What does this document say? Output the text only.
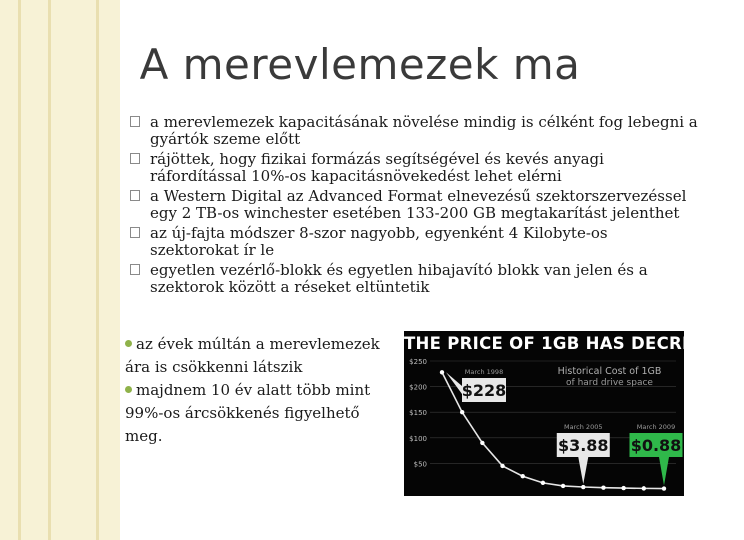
A merevlemezek ma
a merevlemezek kapacitásának növelése mindig is célként fog lebegni a gyártók szeme előtt
rájöttek, hogy fizikai formázás segítségével és kevés anyagi ráfordítással 10%-os kapacitásnövekedést lehet elérni
a Western Digital az Advanced Format elnevezésű szektorszervezéssel egy 2 TB-os winchester esetében 133-200 GB megtakarítást jelenthet
az új-fajta módszer 8-szor nagyobb, egyenként 4 Kilobyte-os szektorokat ír le
egyetlen vezérlő-blokk és egyetlen hibajavító blokk van jelen és a szektorok között a réseket eltüntetik
az évek múltán a merevlemezek ára is csökkenni látszik
majdnem 10 év alatt több mint 99%-os árcsökkenés figyelhető meg.
THE PRICE OF 1GB HAS DECREASED
Historical Cost of 1GB
of hard drive space
$250
$200
$150
$100
$50
March 1998
$228
March 2005
$3.88
March 2009
$0.88
